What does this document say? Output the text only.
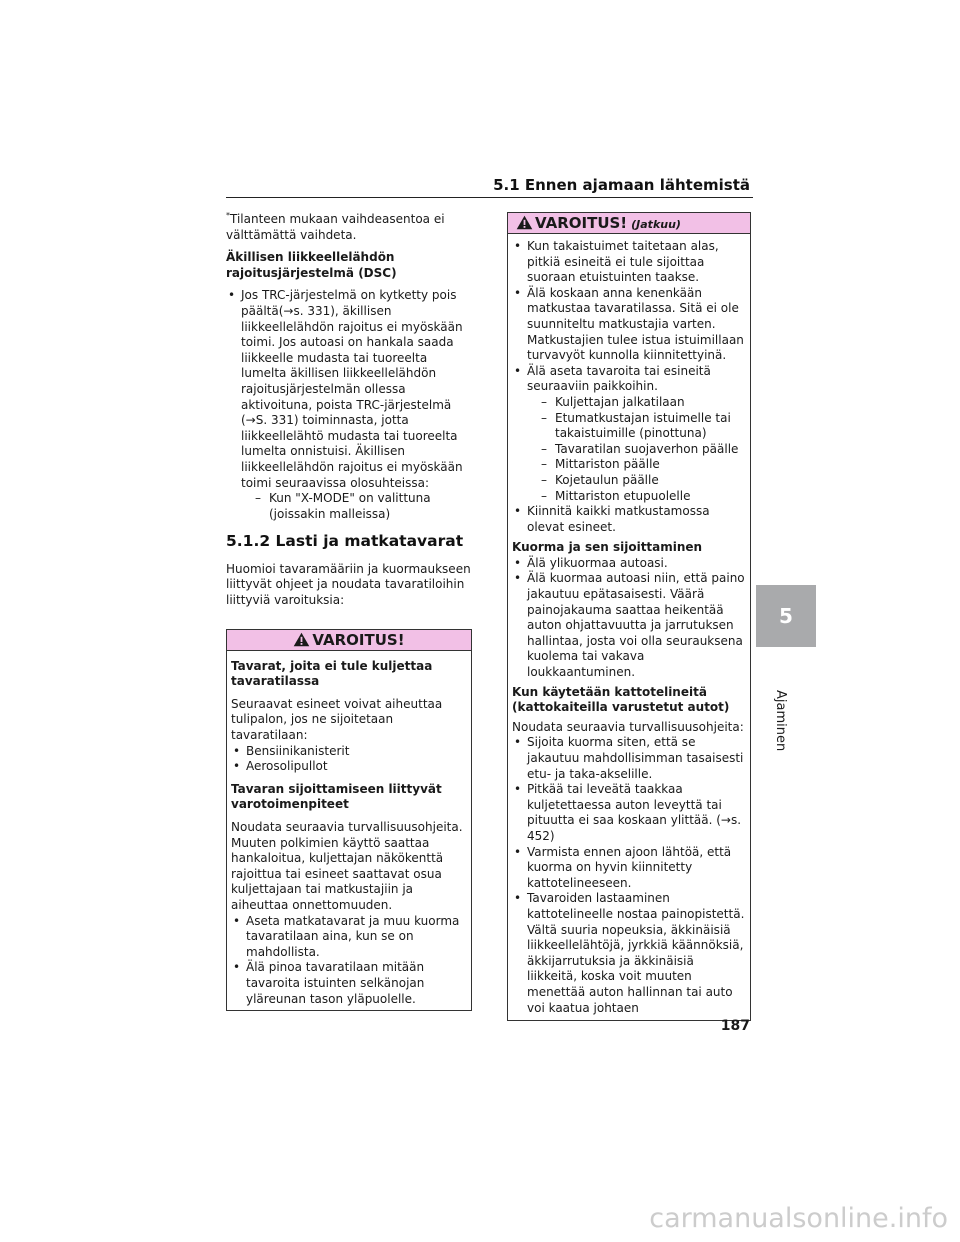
5.1 Ennen ajamaan lähtemistä

*Tilanteen mukaan vaihdeasentoa ei välttämättä vaihdeta.

Äkillisen liikkeellelähdön rajoitusjärjestelmä (DSC)
• Jos TRC-järjestelmä on kytketty pois päältä(→s. 331), äkillisen liikkeellelähdön rajoitus ei myöskään toimi. Jos autoasi on hankala saada liikkeelle mudasta tai tuoreelta lumelta äkillisen liikkeellelähdön rajoitusjärjestelmän ollessa aktivoituna, poista TRC-järjestelmä (→S. 331) toiminnasta, jotta liikkeellelähtö mudasta tai tuoreelta lumelta onnistuisi. Äkillisen liikkeellelähdön rajoitus ei myöskään toimi seuraavissa olosuhteissa:
– Kun "X-MODE" on valittuna (joissakin malleissa)
5.1.2 Lasti ja matkatavarat

Huomioi tavaramääriin ja kuormaukseen liittyvät ohjeet ja noudata tavaratiloihin liittyviä varoituksia:

VAROITUS!
Tavarat, joita ei tule kuljettaa tavaratilassa
Seuraavat esineet voivat aiheuttaa tulipalon, jos ne sijoitetaan tavaratilaan:
• Bensiinikanisterit
• Aerosolipullot
Tavaran sijoittamiseen liittyvät varotoimenpiteet
Noudata seuraavia turvallisuusohjeita. Muuten polkimien käyttö saattaa hankaloitua, kuljettajan näkökenttä rajoittua tai esineet saattavat osua kuljettajaan tai matkustajiin ja aiheuttaa onnettomuuden.
• Aseta matkatavarat ja muu kuorma tavaratilaan aina, kun se on mahdollista.
• Älä pinoa tavaratilaan mitään tavaroita istuinten selkänojan yläreunan tason yläpuolelle.
VAROITUS! (Jatkuu)
• Kun takaistuimet taitetaan alas, pitkiä esineitä ei tule sijoittaa suoraan etuistuinten taakse.
• Älä koskaan anna kenenkään matkustaa tavaratilassa. Sitä ei ole suunniteltu matkustajia varten. Matkustajien tulee istua istuimillaan turvavyöt kunnolla kiinnitettyinä.
• Älä aseta tavaroita tai esineitä seuraaviin paikkoihin.
– Kuljettajan jalkatilaan
– Etumatkustajan istuimelle tai takaistuimille (pinottuna)
– Tavaratilan suojaverhon päälle
– Mittariston päälle
– Kojetaulun päälle
– Mittariston etupuolelle
• Kiinnitä kaikki matkustamossa olevat esineet.
Kuorma ja sen sijoittaminen
• Älä ylikuormaa autoasi.
• Älä kuormaa autoasi niin, että paino jakautuu epätasaisesti. Väärä painojakauma saattaa heikentää auton ohjattavuutta ja jarrutuksen hallintaa, josta voi olla seurauksena kuolema tai vakava loukkaantuminen.
Kun käytetään kattotelineitä (kattokaiteilla varustetut autot)
Noudata seuraavia turvallisuusohjeita:
• Sijoita kuorma siten, että se jakautuu mahdollisimman tasaisesti etu- ja taka-akselille.
• Pitkää tai leveätä taakkaa kuljetettaessa auton leveyttä tai pituutta ei saa koskaan ylittää. (→s. 452)
• Varmista ennen ajoon lähtöä, että kuorma on hyvin kiinnitetty kattotelineeseen.
• Tavaroiden lastaaminen kattotelineelle nostaa painopistettä. Vältä suuria nopeuksia, äkkinäisiä liikkeellelähtöjä, jyrkkiä käännöksiä, äkkijarrutuksia ja äkkinäisiä liikkeitä, koska voit muuten menettää auton hallinnan tai auto voi kaatua johtaen
5
Ajaminen
187
carmanualsonline.info
